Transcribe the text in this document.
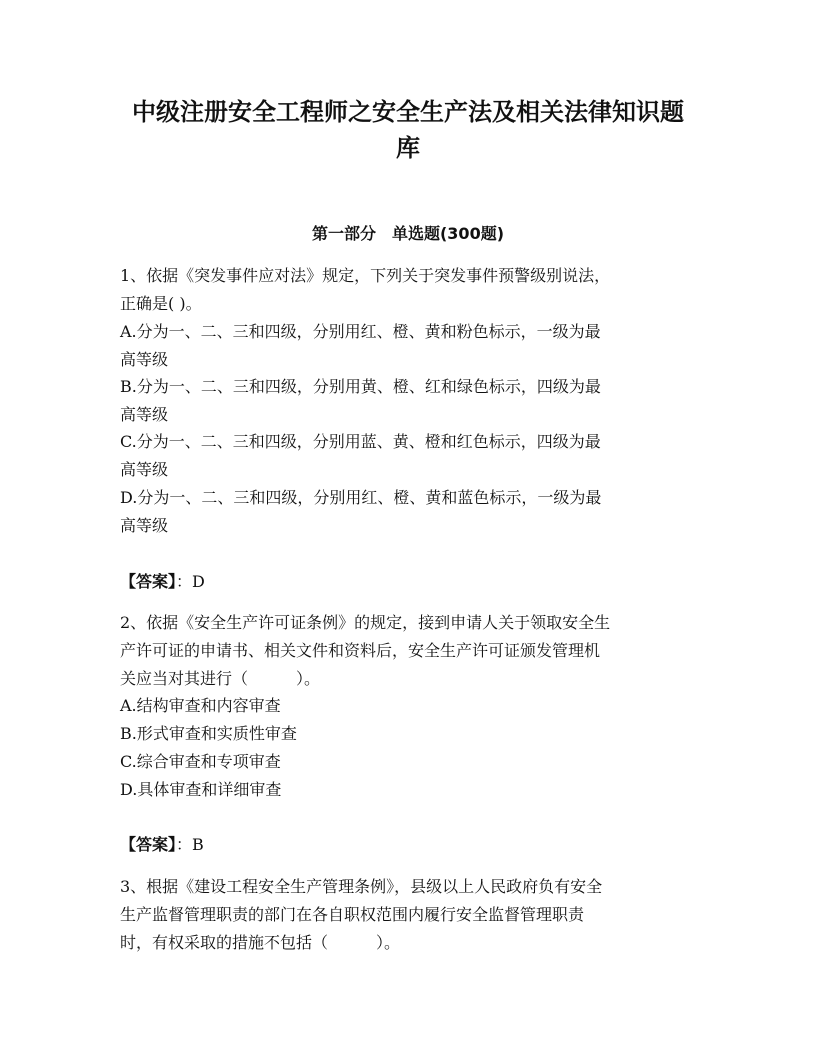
中级注册安全工程师之安全生产法及相关法律知识题
库
第一部分　单选题(300题)
1、依据《突发事件应对法》规定，下列关于突发事件预警级别说法，
正确是( )。
A.分为一、二、三和四级，分别用红、橙、黄和粉色标示，一级为最
高等级
B.分为一、二、三和四级，分别用黄、橙、红和绿色标示，四级为最
高等级
C.分为一、二、三和四级，分别用蓝、黄、橙和红色标示，四级为最
高等级
D.分为一、二、三和四级，分别用红、橙、黄和蓝色标示，一级为最
高等级
【答案】：D
2、依据《安全生产许可证条例》的规定，接到申请人关于领取安全生
产许可证的申请书、相关文件和资料后，安全生产许可证颁发管理机
关应当对其进行（　　　）。
A.结构审查和内容审查
B.形式审查和实质性审查
C.综合审查和专项审查
D.具体审查和详细审查
【答案】：B
3、根据《建设工程安全生产管理条例》，县级以上人民政府负有安全
生产监督管理职责的部门在各自职权范围内履行安全监督管理职责
时，有权采取的措施不包括（　　　）。
